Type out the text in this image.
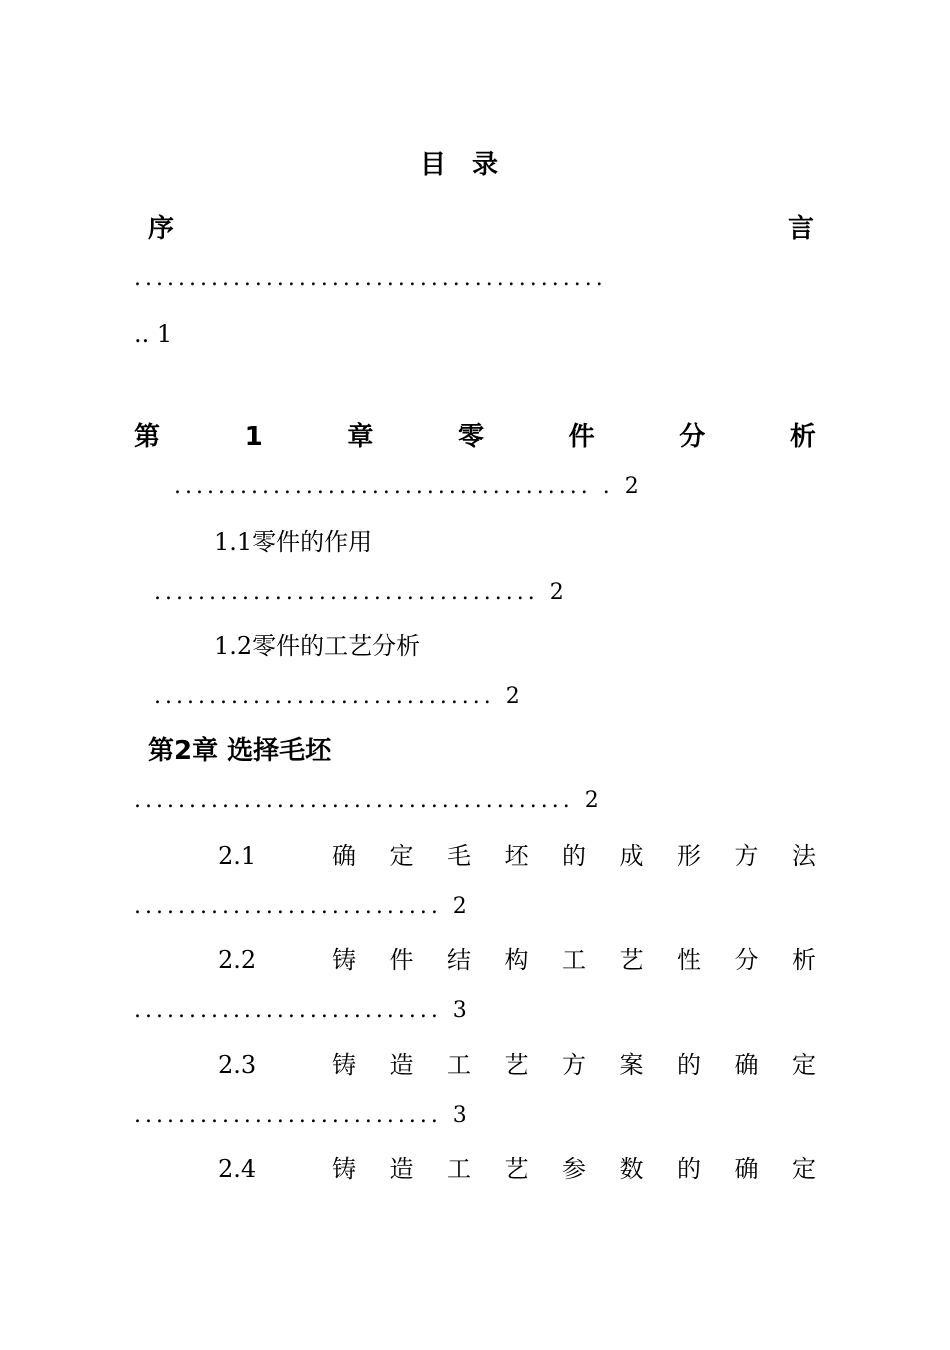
目　录
序	言
...........................................
.. 1
第	1	章	零	件	分	析
...................................... . 2
1.1零件的作用
................................... 2
1.2零件的工艺分析
............................... 2
第2章 选择毛坯
........................................ 2
2.1	确 定 毛 坯 的 成 形 方 法
............................ 2
2.2	铸 件 结 构 工 艺 性 分 析
............................ 3
2.3	铸 造 工 艺 方 案 的 确 定
............................ 3
2.4	铸 造 工 艺 参 数 的 确 定
